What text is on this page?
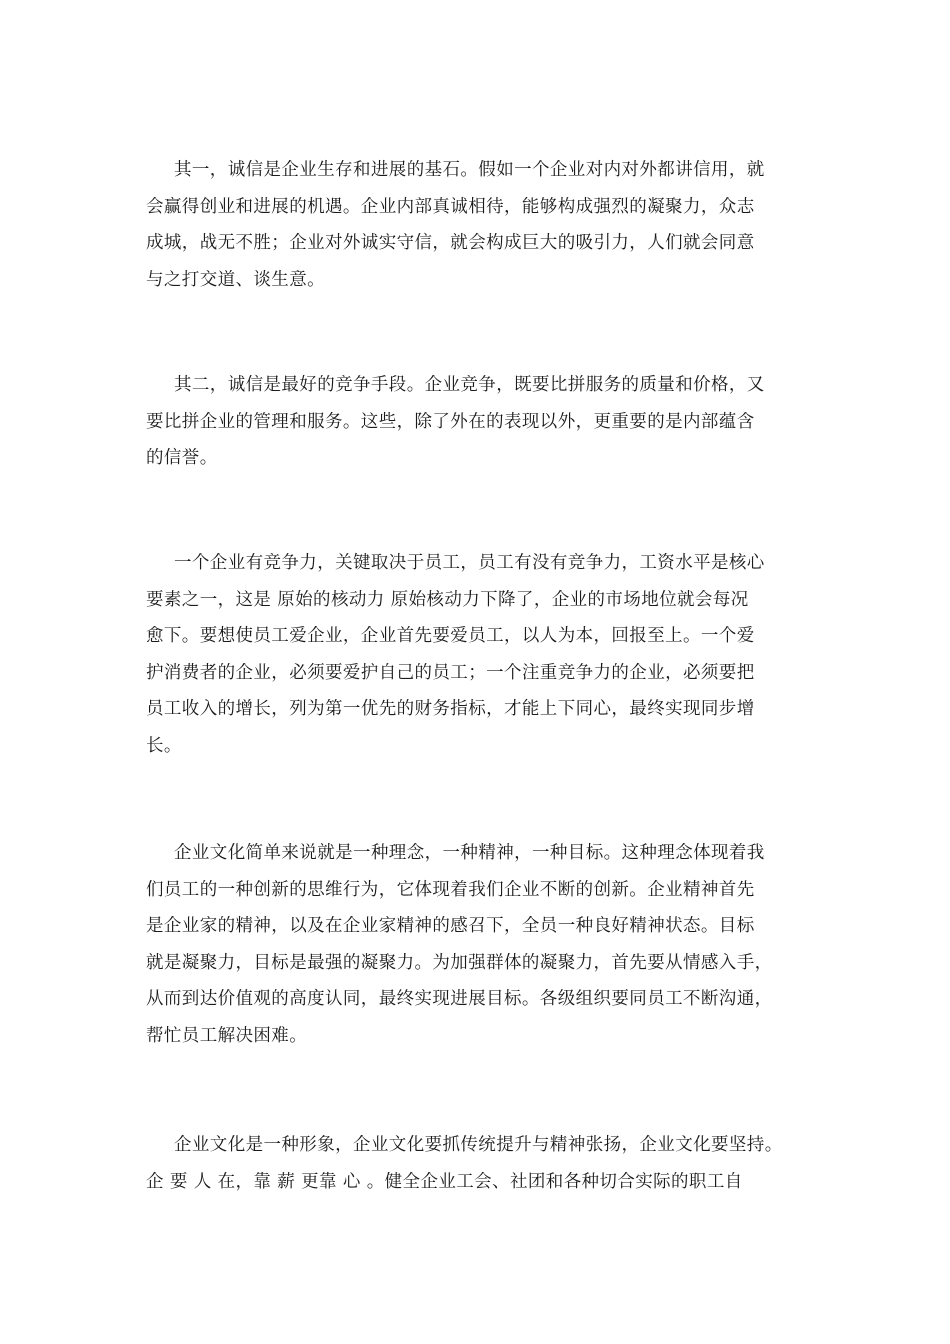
其一，诚信是企业生存和进展的基石。假如一个企业对内对外都讲信用，就
会赢得创业和进展的机遇。企业内部真诚相待，能够构成强烈的凝聚力，众志
成城，战无不胜；企业对外诚实守信，就会构成巨大的吸引力，人们就会同意
与之打交道、谈生意。
其二，诚信是最好的竞争手段。企业竞争，既要比拼服务的质量和价格，又
要比拼企业的管理和服务。这些，除了外在的表现以外，更重要的是内部蕴含
的信誉。
一个企业有竞争力，关键取决于员工，员工有没有竞争力，工资水平是核心
要素之一，这是 原始的核动力 原始核动力下降了，企业的市场地位就会每况
愈下。要想使员工爱企业，企业首先要爱员工，以人为本，回报至上。一个爱
护消费者的企业，必须要爱护自己的员工；一个注重竞争力的企业，必须要把
员工收入的增长，列为第一优先的财务指标，才能上下同心，最终实现同步增
长。
企业文化简单来说就是一种理念，一种精神，一种目标。这种理念体现着我
们员工的一种创新的思维行为，它体现着我们企业不断的创新。企业精神首先
是企业家的精神，以及在企业家精神的感召下，全员一种良好精神状态。目标
就是凝聚力，目标是最强的凝聚力。为加强群体的凝聚力，首先要从情感入手，
从而到达价值观的高度认同，最终实现进展目标。各级组织要同员工不断沟通，
帮忙员工解决困难。
企业文化是一种形象，企业文化要抓传统提升与精神张扬，企业文化要坚持。
企 要 人 在，靠 薪 更靠 心 。健全企业工会、社团和各种切合实际的职工自
